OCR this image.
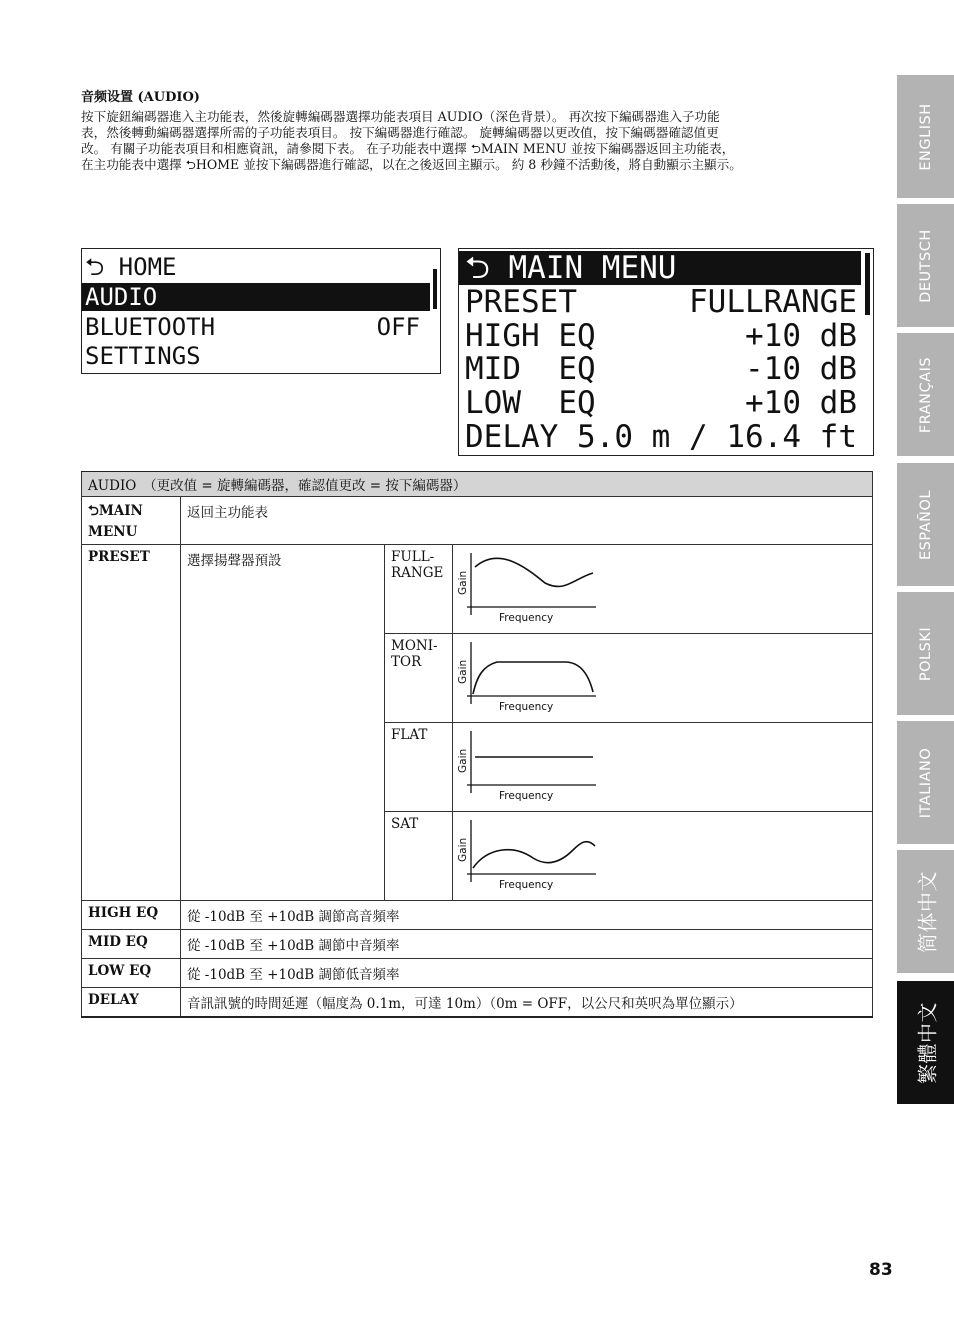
音频设置 (AUDIO)
按下旋鈕編碼器進入主功能表，然後旋轉編碼器選擇功能表項目 AUDIO（深色背景）。 再次按下編碼器進入子功能
表，然後轉動編碼器選擇所需的子功能表項目。 按下編碼器進行確認。 旋轉編碼器以更改值，按下編碼器確認值更
改。 有關子功能表項目和相應資訊，請參閱下表。 在子功能表中選擇 ⮌MAIN MENU 並按下編碼器返回主功能表，
在主功能表中選擇 ⮌HOME 並按下編碼器進行確認，以在之後返回主顯示。 約 8 秒鐘不活動後，將自動顯示主顯示。
⮌ HOME
AUDIO
BLUETOOTH	OFF
SETTINGS
⮌ MAIN MENU
PRESET	FULLRANGE
HIGH EQ	+10 dB
MID  EQ	-10 dB
LOW  EQ	+10 dB
DELAY 5.0 m / 16.4 ft
AUDIO　（更改值 = 旋轉編碼器，確認值更改 = 按下編碼器）			
⮌MAIN MENU	返回主功能表		
PRESET	選擇揚聲器預設	FULL-RANGE	Gain
Frequency

		MONI-TOR	Gain
Frequency

		FLAT	Gain
Frequency

		SAT	Gain
Frequency

HIGH EQ	從 -10dB 至 +10dB 調節高音頻率		
MID EQ	從 -10dB 至 +10dB 調節中音頻率		
LOW EQ	從 -10dB 至 +10dB 調節低音頻率		
DELAY	音訊訊號的時間延遲（幅度為 0.1m，可達 10m）（0m = OFF，以公尺和英呎為單位顯示）		
ENGLISH
DEUTSCH
FRANÇAIS
ESPAÑOL
POLSKI
ITALIANO
简体中文
繁體中文
83
